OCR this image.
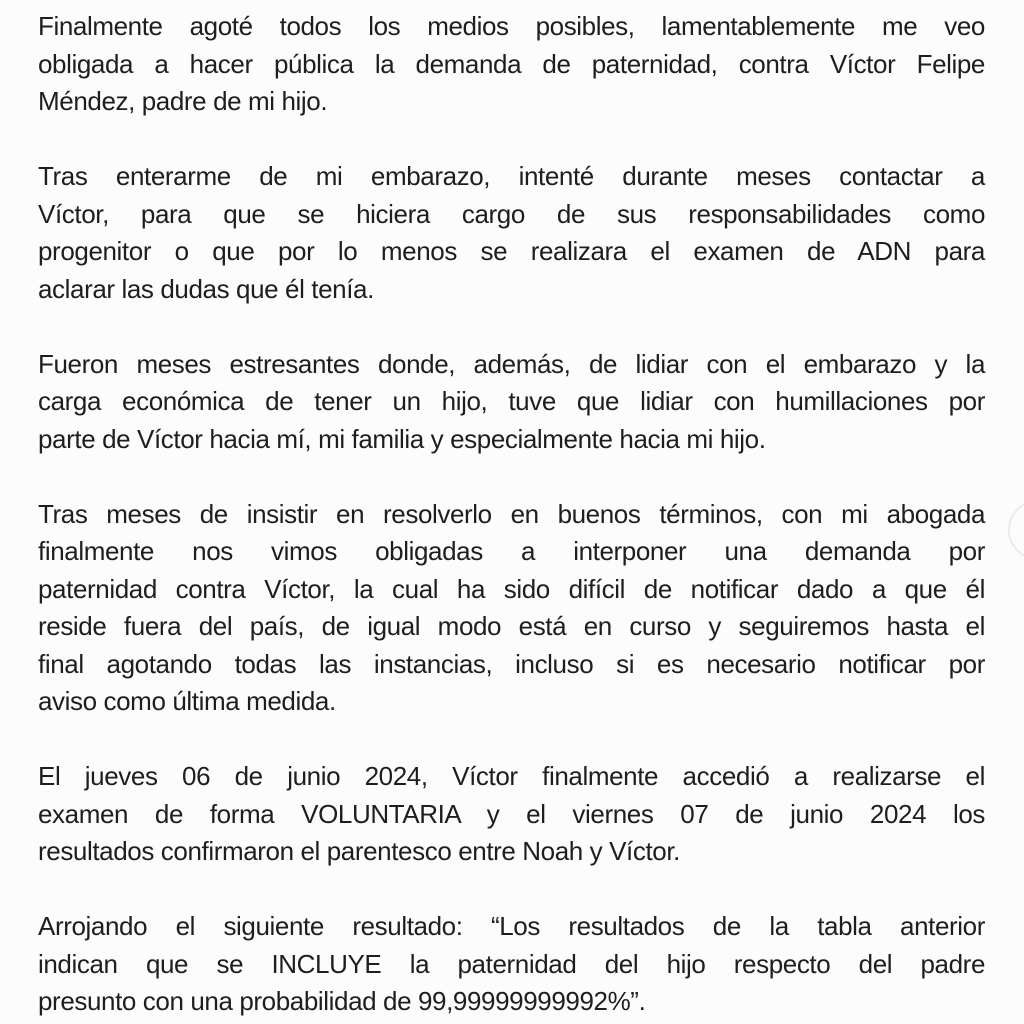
Finalmente agoté todos los medios posibles, lamentablemente me veo
obligada a hacer pública la demanda de paternidad, contra Víctor Felipe
Méndez, padre de mi hijo.
Tras enterarme de mi embarazo, intenté durante meses contactar a
Víctor, para que se hiciera cargo de sus responsabilidades como
progenitor o que por lo menos se realizara el examen de ADN para
aclarar las dudas que él tenía.
Fueron meses estresantes donde, además, de lidiar con el embarazo y la
carga económica de tener un hijo, tuve que lidiar con humillaciones por
parte de Víctor hacia mí, mi familia y especialmente hacia mi hijo.
Tras meses de insistir en resolverlo en buenos términos, con mi abogada
finalmente nos vimos obligadas a interponer una demanda por
paternidad contra Víctor, la cual ha sido difícil de notificar dado a que él
reside fuera del país, de igual modo está en curso y seguiremos hasta el
final agotando todas las instancias, incluso si es necesario notificar por
aviso como última medida.
El jueves 06 de junio 2024, Víctor finalmente accedió a realizarse el
examen de forma VOLUNTARIA y el viernes 07 de junio 2024 los
resultados confirmaron el parentesco entre Noah y Víctor.
Arrojando el siguiente resultado: “Los resultados de la tabla anterior
indican que se INCLUYE la paternidad del hijo respecto del padre
presunto con una probabilidad de 99,99999999992%”.
